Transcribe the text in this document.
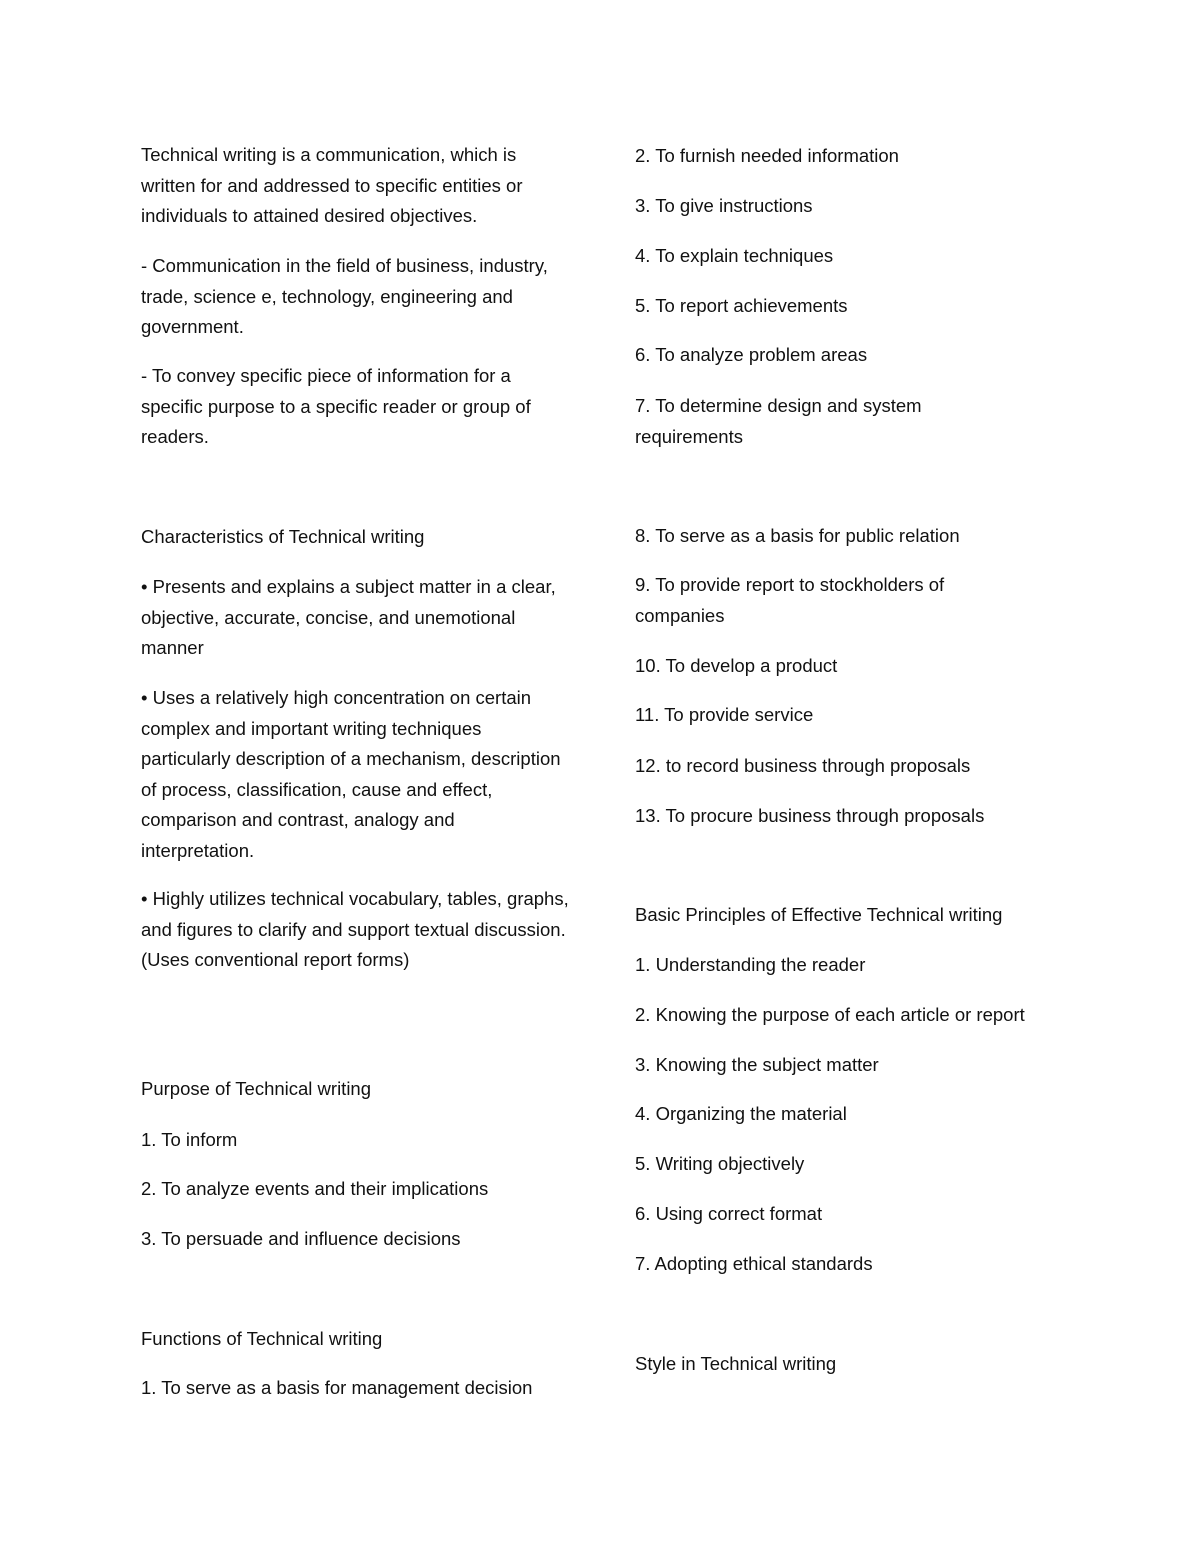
Technical writing is a communication, which is written for and addressed to specific entities or individuals to attained desired objectives.

- Communication in the field of business, industry, trade, science e, technology, engineering and government.

- To convey specific piece of information for a specific purpose to a specific reader or group of readers.

Characteristics of Technical writing

• Presents and explains a subject matter in a clear, objective, accurate, concise, and unemotional manner

• Uses a relatively high concentration on certain complex and important writing techniques particularly description of a mechanism, description of process, classification, cause and effect, comparison and contrast, analogy and interpretation.

• Highly utilizes technical vocabulary, tables, graphs, and figures to clarify and support textual discussion. (Uses conventional report forms)

Purpose of Technical writing

1. To inform

2. To analyze events and their implications

3. To persuade and influence decisions

Functions of Technical writing

1. To serve as a basis for management decision

2. To furnish needed information

3. To give instructions

4. To explain techniques

5. To report achievements

6. To analyze problem areas

7. To determine design and system requirements

8. To serve as a basis for public relation

9. To provide report to stockholders of companies

10. To develop a product

11. To provide service

12. to record business through proposals

13. To procure business through proposals

Basic Principles of Effective Technical writing

1. Understanding the reader

2. Knowing the purpose of each article or report

3. Knowing the subject matter

4. Organizing the material

5. Writing objectively

6. Using correct format

7. Adopting ethical standards

Style in Technical writing
